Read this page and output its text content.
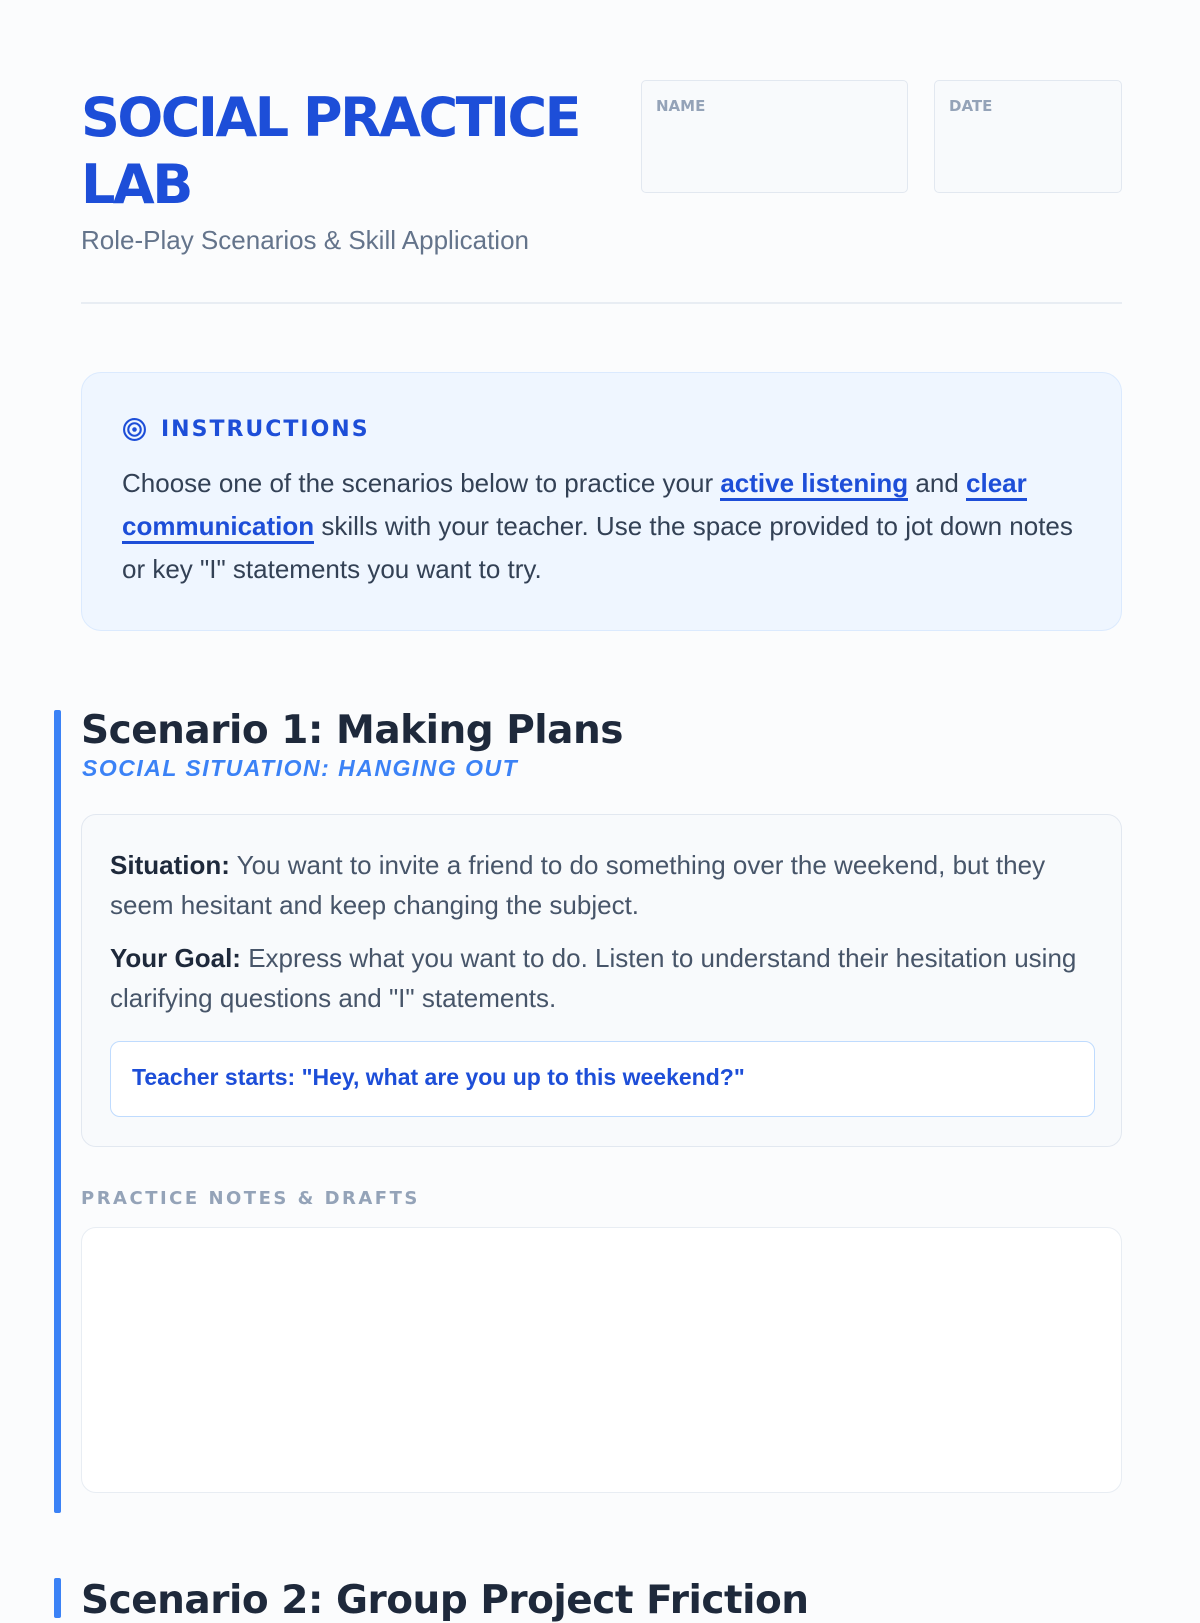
SOCIAL PRACTICE LAB
Role-Play Scenarios & Skill Application
NAME	DATE
INSTRUCTIONS

Choose one of the scenarios below to practice your active listening and clear communication skills with your teacher. Use the space provided to jot down notes or key "I" statements you want to try.

Scenario 1: Making Plans
SOCIAL SITUATION: HANGING OUT

Situation: You want to invite a friend to do something over the weekend, but they seem hesitant and keep changing the subject.

Your Goal: Express what you want to do. Listen to understand their hesitation using clarifying questions and "I" statements.

Teacher starts: "Hey, what are you up to this weekend?"
PRACTICE NOTES & DRAFTS
Scenario 2: Group Project Friction
